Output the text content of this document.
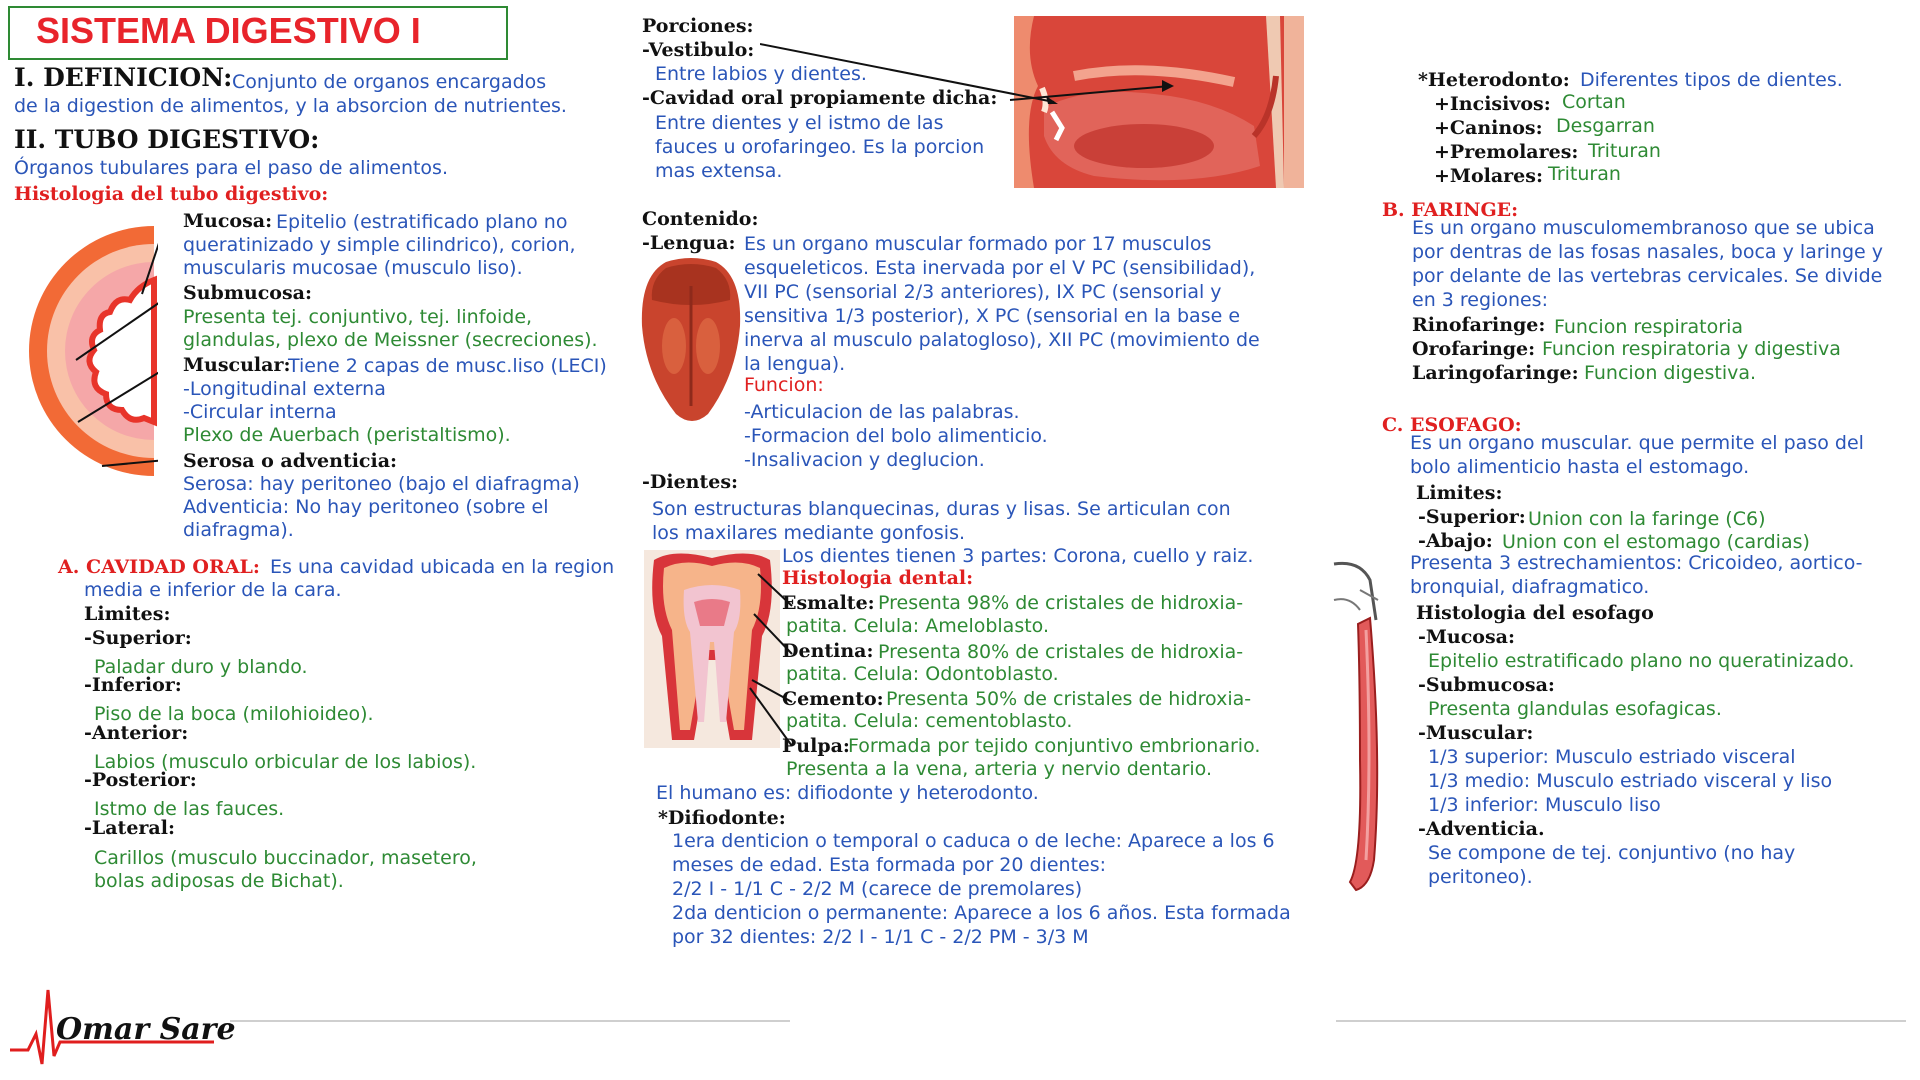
SISTEMA DIGESTIVO I
I. DEFINICION: Conjunto de organos encargados
de la digestion de alimentos, y la absorcion de nutrientes.
II. TUBO DIGESTIVO:
Órganos tubulares para el paso de alimentos.
Histologia del tubo digestivo:
Mucosa: Epitelio (estratificado plano no
queratinizado y simple cilindrico), corion,
muscularis mucosae (musculo liso).
Submucosa:
Presenta tej. conjuntivo, tej. linfoide,
glandulas, plexo de Meissner (secreciones).
Muscular:
Tiene 2 capas de musc.liso (LECI)
-Longitudinal externa
-Circular interna
Plexo de Auerbach (peristaltismo).
Serosa o adventicia:
Serosa: hay peritoneo (bajo el diafragma)
Adventicia: No hay peritoneo (sobre el
diafragma).
A. CAVIDAD ORAL: Es una cavidad ubicada en la region
media e inferior de la cara.
Limites:
-Superior:
Paladar duro y blando.
-Inferior:
Piso de la boca (milohioideo).
-Anterior:
Labios (musculo orbicular de los labios).
-Posterior:
Istmo de las fauces.
-Lateral:
Carillos (musculo buccinador, masetero,
bolas adiposas de Bichat).
Porciones:
-Vestibulo:
Entre labios y dientes.
-Cavidad oral propiamente dicha:
Entre dientes y el istmo de las
fauces u orofaringeo. Es la porcion
mas extensa.
Contenido:
-Lengua: Es un organo muscular formado por 17 musculos
esqueleticos. Esta inervada por el V PC (sensibilidad),
VII PC (sensorial 2/3 anteriores), IX PC (sensorial y
sensitiva 1/3 posterior), X PC (sensorial en la base e
inerva al musculo palatogloso), XII PC (movimiento de
la lengua).
Funcion:
-Articulacion de las palabras.
-Formacion del bolo alimenticio.
-Insalivacion y deglucion.
-Dientes:
Son estructuras blanquecinas, duras y lisas. Se articulan con
los maxilares mediante gonfosis.
Los dientes tienen 3 partes: Corona, cuello y raiz.
Histologia dental:
Esmalte: Presenta 98% de cristales de hidroxia-
patita. Celula: Ameloblasto.
Dentina: Presenta 80% de cristales de hidroxia-
patita. Celula: Odontoblasto.
Cemento: Presenta 50% de cristales de hidroxia-
patita. Celula: cementoblasto.
Pulpa:
Formada por tejido conjuntivo embrionario.
Presenta a la vena, arteria y nervio dentario.
El humano es: difiodonte y heterodonto.
*Difiodonte:
1era denticion o temporal o caduca o de leche: Aparece a los 6
meses de edad. Esta formada por 20 dientes:
2/2 I - 1/1 C - 2/2 M (carece de premolares)
2da denticion o permanente: Aparece a los 6 años. Esta formada
por 32 dientes: 2/2 I - 1/1 C - 2/2 PM - 3/3 M
*Heterodonto: Diferentes tipos de dientes.
+Incisivos: Cortan
+Caninos: Desgarran
+Premolares: Trituran
+Molares: Trituran
B. FARINGE:
Es un organo musculomembranoso que se ubica
por dentras de las fosas nasales, boca y laringe y
por delante de las vertebras cervicales. Se divide
en 3 regiones:
Rinofaringe: Funcion respiratoria
Orofaringe: Funcion respiratoria y digestiva
Laringofaringe: Funcion digestiva.
C. ESOFAGO:
Es un organo muscular. que permite el paso del
bolo alimenticio hasta el estomago.
Limites:
-Superior: Union con la faringe (C6)
-Abajo: Union con el estomago (cardias)
Presenta 3 estrechamientos: Cricoideo, aortico-
bronquial, diafragmatico.
Histologia del esofago
-Mucosa:
Epitelio estratificado plano no queratinizado.
-Submucosa:
Presenta glandulas esofagicas.
-Muscular:
1/3 superior: Musculo estriado visceral
1/3 medio: Musculo estriado visceral y liso
1/3 inferior: Musculo liso
-Adventicia.
Se compone de tej. conjuntivo (no hay
peritoneo).
Omar Sare
